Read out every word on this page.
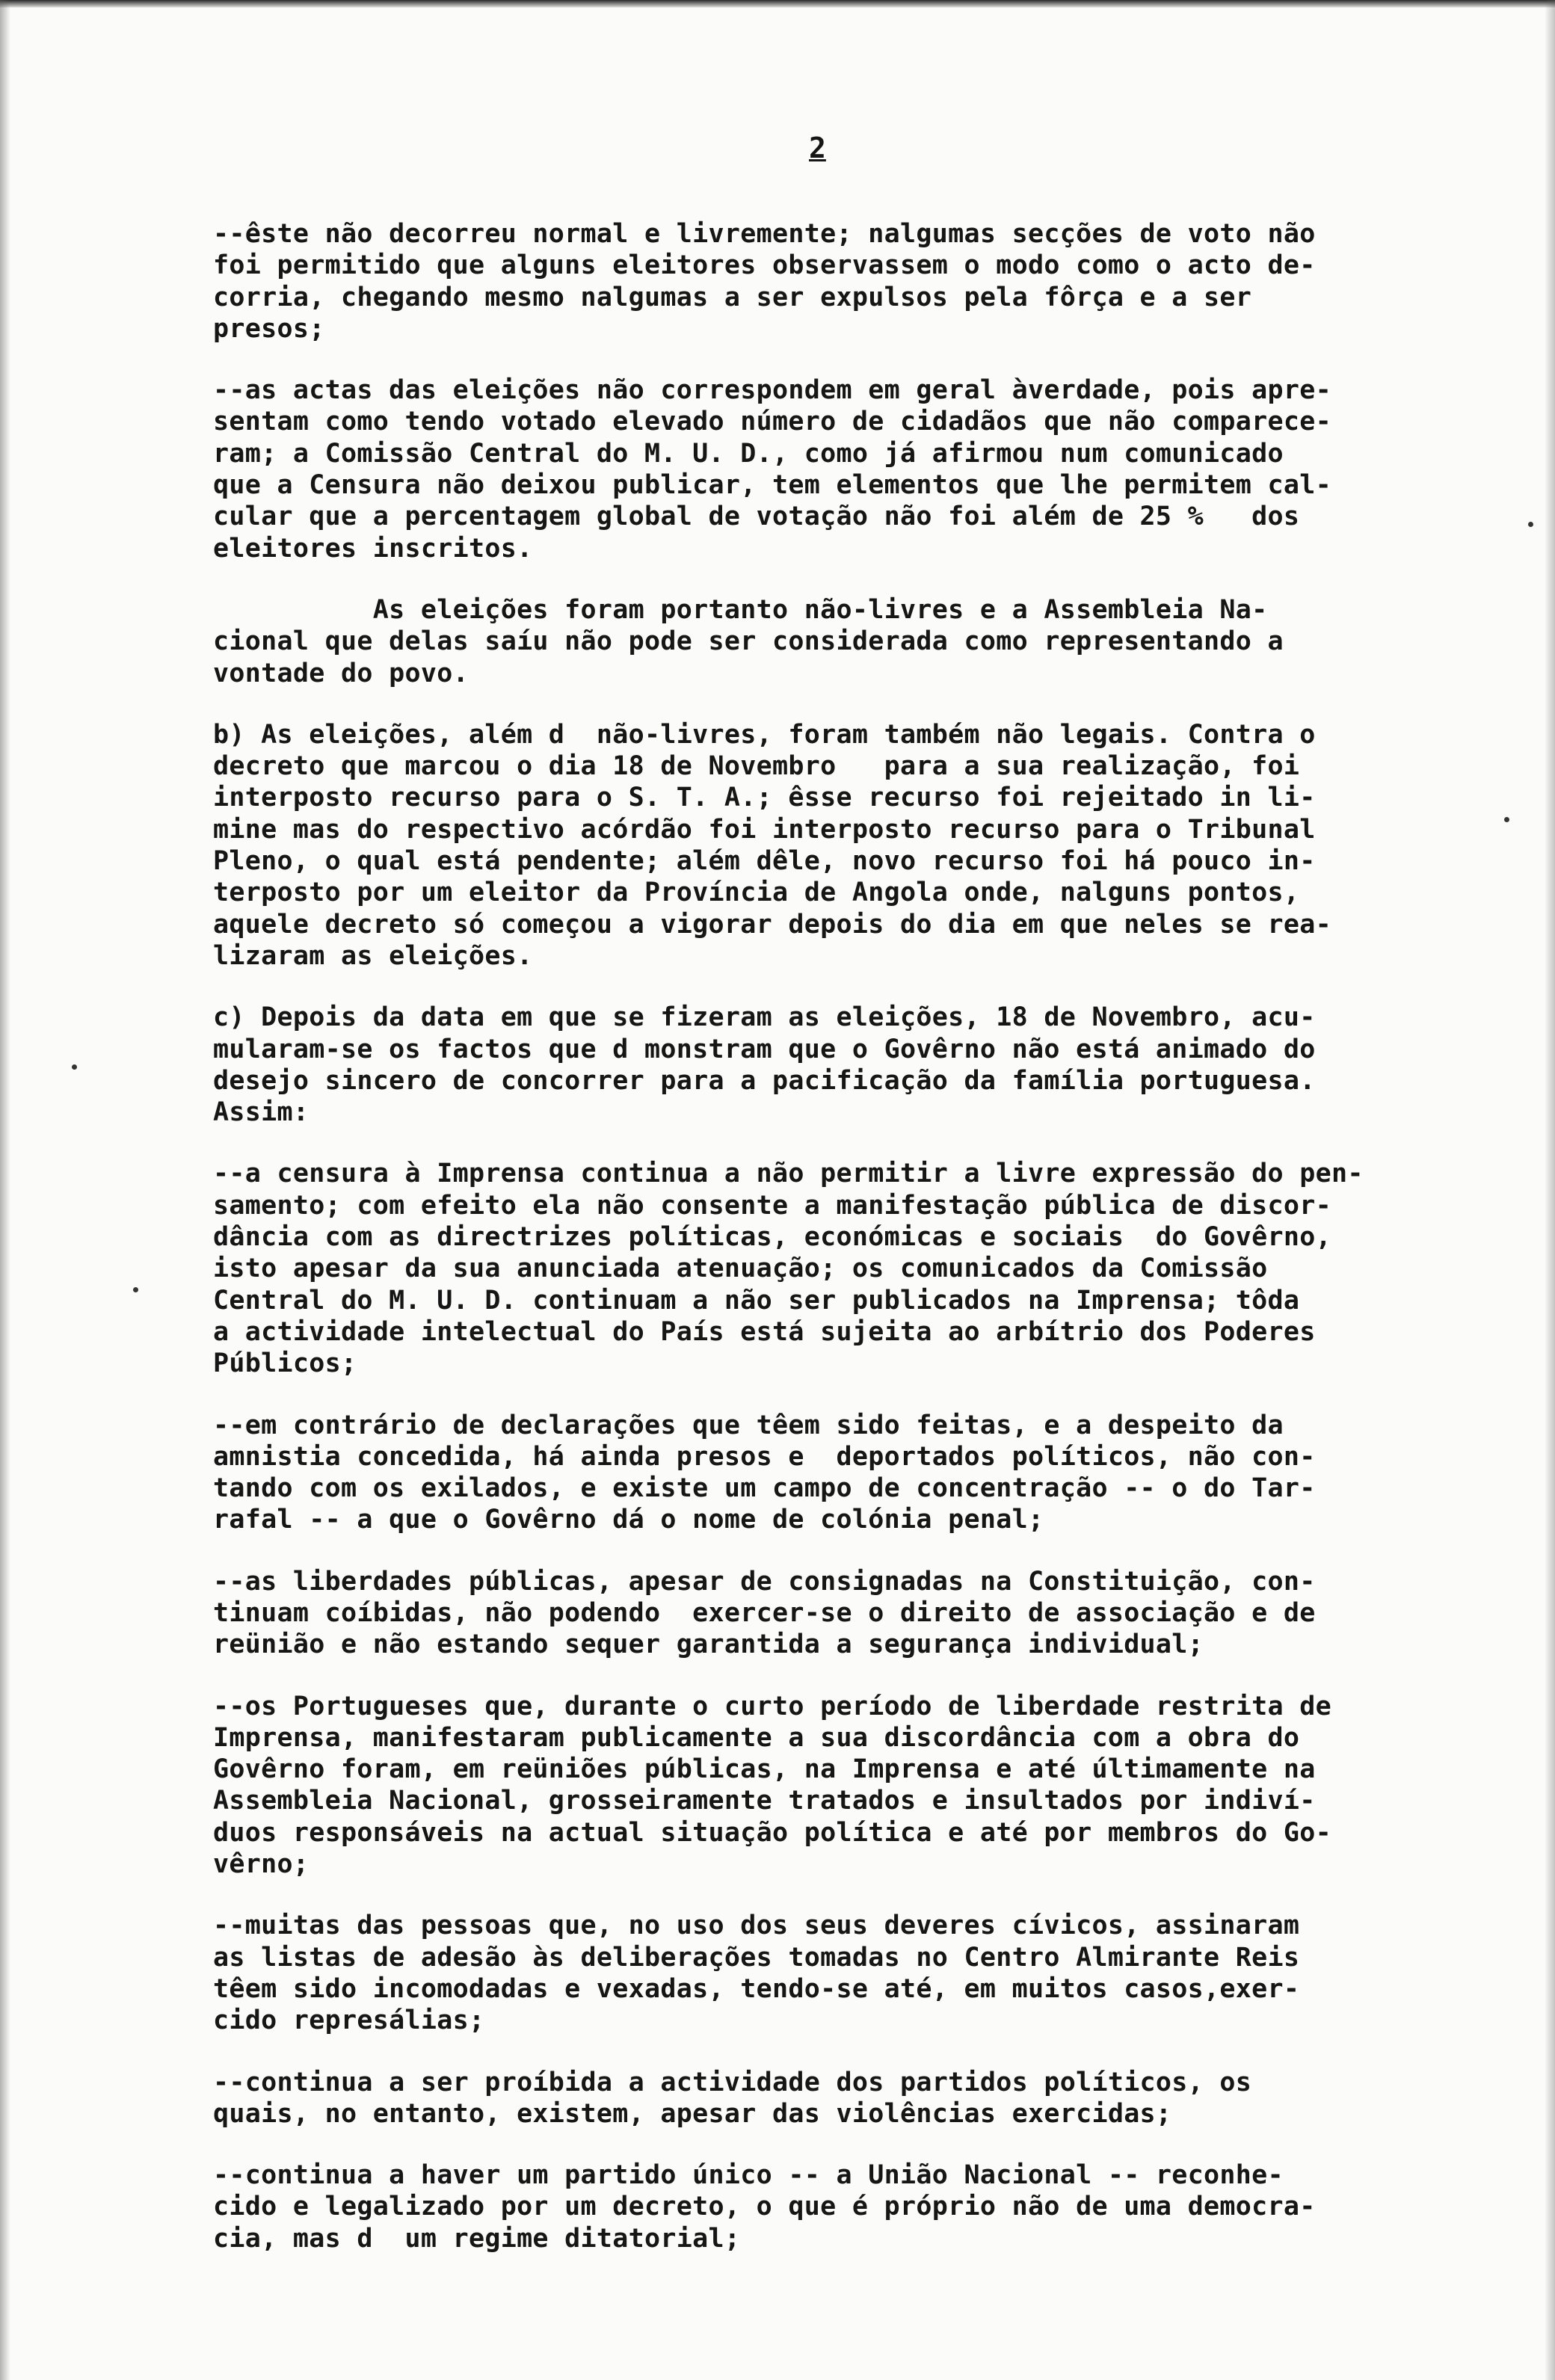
2

--êste não decorreu normal e livremente; nalgumas secções de voto não
foi permitido que alguns eleitores observassem o modo como o acto de-
corria, chegando mesmo nalgumas a ser expulsos pela fôrça e a ser
presos;

--as actas das eleições não correspondem em geral àverdade, pois apre-
sentam como tendo votado elevado número de cidadãos que não comparece-
ram; a Comissão Central do M. U. D., como já afirmou num comunicado
que a Censura não deixou publicar, tem elementos que lhe permitem cal-
cular que a percentagem global de votação não foi além de 25 %   dos
eleitores inscritos.

As eleições foram portanto não-livres e a Assembleia Na-
cional que delas saíu não pode ser considerada como representando a
vontade do povo.

b) As eleições, além d  não-livres, foram também não legais. Contra o
decreto que marcou o dia 18 de Novembro   para a sua realização, foi
interposto recurso para o S. T. A.; êsse recurso foi rejeitado in li-
mine mas do respectivo acórdão foi interposto recurso para o Tribunal
Pleno, o qual está pendente; além dêle, novo recurso foi há pouco in-
terposto por um eleitor da Província de Angola onde, nalguns pontos,
aquele decreto só começou a vigorar depois do dia em que neles se rea-
lizaram as eleições.

c) Depois da data em que se fizeram as eleições, 18 de Novembro, acu-
mularam-se os factos que d monstram que o Govêrno não está animado do
desejo sincero de concorrer para a pacificação da família portuguesa.
Assim:

--a censura à Imprensa continua a não permitir a livre expressão do pen-
samento; com efeito ela não consente a manifestação pública de discor-
dância com as directrizes políticas, económicas e sociais  do Govêrno,
isto apesar da sua anunciada atenuação; os comunicados da Comissão
Central do M. U. D. continuam a não ser publicados na Imprensa; tôda
a actividade intelectual do País está sujeita ao arbítrio dos Poderes
Públicos;

--em contrário de declarações que têem sido feitas, e a despeito da
amnistia concedida, há ainda presos e  deportados políticos, não con-
tando com os exilados, e existe um campo de concentração -- o do Tar-
rafal -- a que o Govêrno dá o nome de colónia penal;

--as liberdades públicas, apesar de consignadas na Constituição, con-
tinuam coíbidas, não podendo  exercer-se o direito de associação e de
reünião e não estando sequer garantida a segurança individual;

--os Portugueses que, durante o curto período de liberdade restrita de
Imprensa, manifestaram publicamente a sua discordância com a obra do
Govêrno foram, em reüniões públicas, na Imprensa e até últimamente na
Assembleia Nacional, grosseiramente tratados e insultados por indiví-
duos responsáveis na actual situação política e até por membros do Go-
vêrno;

--muitas das pessoas que, no uso dos seus deveres cívicos, assinaram
as listas de adesão às deliberações tomadas no Centro Almirante Reis
têem sido incomodadas e vexadas, tendo-se até, em muitos casos,exer-
cido represálias;

--continua a ser proíbida a actividade dos partidos políticos, os
quais, no entanto, existem, apesar das violências exercidas;

--continua a haver um partido único -- a União Nacional -- reconhe-
cido e legalizado por um decreto, o que é próprio não de uma democra-
cia, mas d  um regime ditatorial;
